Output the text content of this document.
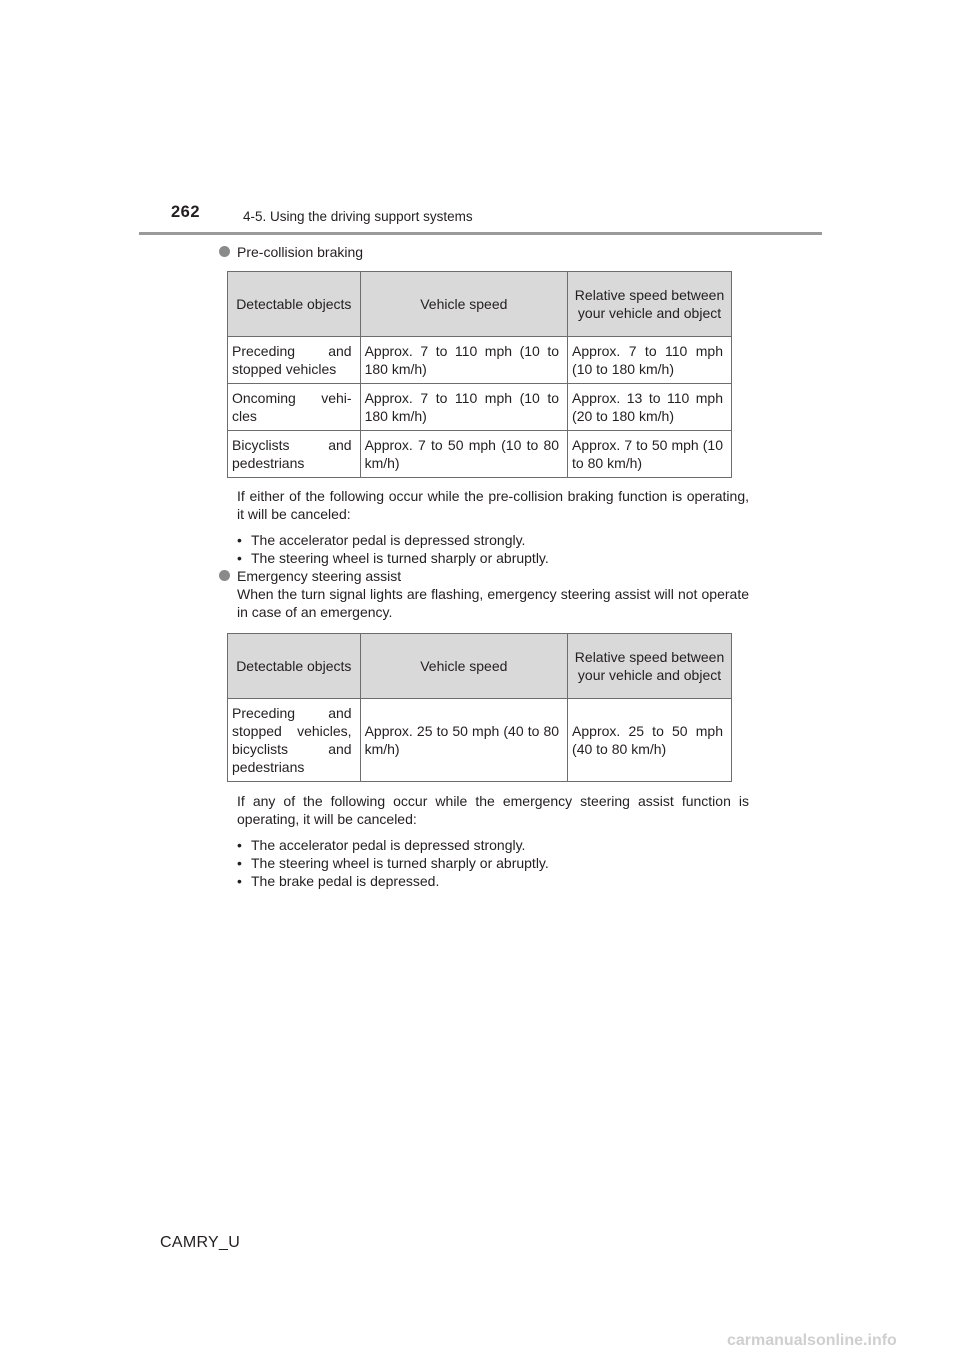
262	4-5. Using the driving support systems

Pre-collision braking

Detectable objects	Vehicle speed	Relative speed between your vehicle and object
Preceding and stopped vehicles	Approx. 7 to 110 mph (10 to 180 km/h)	Approx. 7 to 110 mph (10 to 180 km/h)
Oncoming vehi-cles	Approx. 7 to 110 mph (10 to 180 km/h)	Approx. 13 to 110 mph (20 to 180 km/h)
Bicyclists and pedestrians	Approx. 7 to 50 mph (10 to 80 km/h)	Approx. 7 to 50 mph (10 to 80 km/h)

If either of the following occur while the pre-collision braking function is operating, it will be canceled:

• The accelerator pedal is depressed strongly.
• The steering wheel is turned sharply or abruptly.

Emergency steering assist

When the turn signal lights are flashing, emergency steering assist will not operate in case of an emergency.

Detectable objects	Vehicle speed	Relative speed between your vehicle and object
Preceding and stopped vehicles, bicyclists and pedestrians	Approx. 25 to 50 mph (40 to 80 km/h)	Approx. 25 to 50 mph (40 to 80 km/h)

If any of the following occur while the emergency steering assist function is operating, it will be canceled:

• The accelerator pedal is depressed strongly.
• The steering wheel is turned sharply or abruptly.
• The brake pedal is depressed.
CAMRY_U
carmanualsonline.info
